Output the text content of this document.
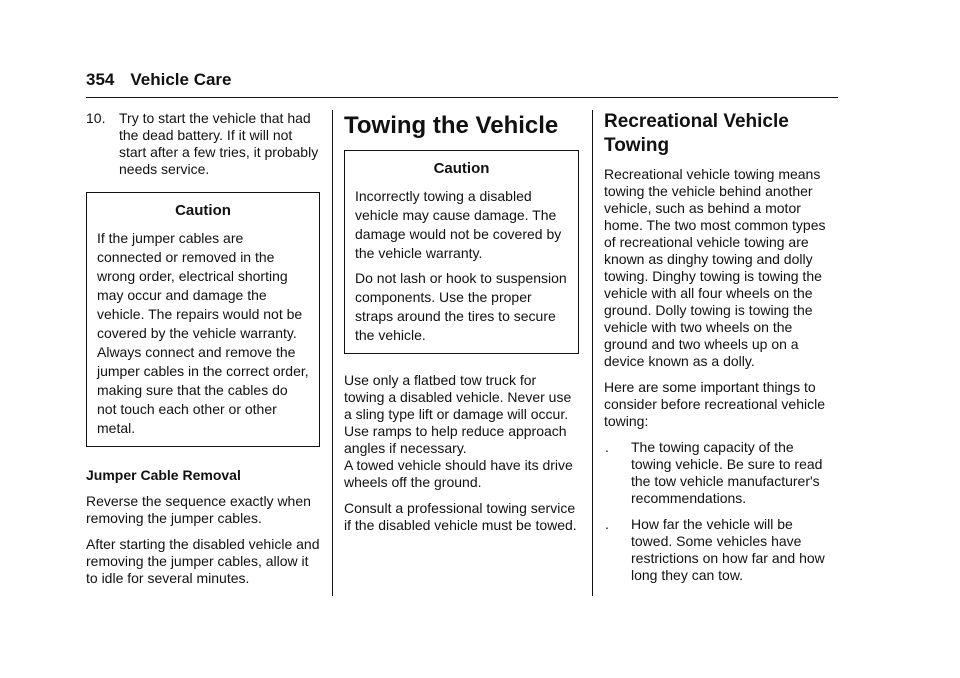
354 Vehicle Care
10. Try to start the vehicle that had the dead battery. If it will not start after a few tries, it probably needs service.
Caution

If the jumper cables are connected or removed in the wrong order, electrical shorting may occur and damage the vehicle. The repairs would not be covered by the vehicle warranty. Always connect and remove the jumper cables in the correct order, making sure that the cables do not touch each other or other metal.

Jumper Cable Removal

Reverse the sequence exactly when removing the jumper cables.

After starting the disabled vehicle and removing the jumper cables, allow it to idle for several minutes.

Towing the Vehicle
Caution

Incorrectly towing a disabled vehicle may cause damage. The damage would not be covered by the vehicle warranty.

Do not lash or hook to suspension components. Use the proper straps around the tires to secure the vehicle.

Use only a flatbed tow truck for towing a disabled vehicle. Never use a sling type lift or damage will occur. Use ramps to help reduce approach angles if necessary.

A towed vehicle should have its drive wheels off the ground.

Consult a professional towing service if the disabled vehicle must be towed.

Recreational Vehicle Towing

Recreational vehicle towing means towing the vehicle behind another vehicle, such as behind a motor home. The two most common types of recreational vehicle towing are known as dinghy towing and dolly towing. Dinghy towing is towing the vehicle with all four wheels on the ground. Dolly towing is towing the vehicle with two wheels on the ground and two wheels up on a device known as a dolly.

Here are some important things to consider before recreational vehicle towing:

.	The towing capacity of the towing vehicle. Be sure to read the tow vehicle manufacturer's recommendations.
.	How far the vehicle will be towed. Some vehicles have restrictions on how far and how long they can tow.
